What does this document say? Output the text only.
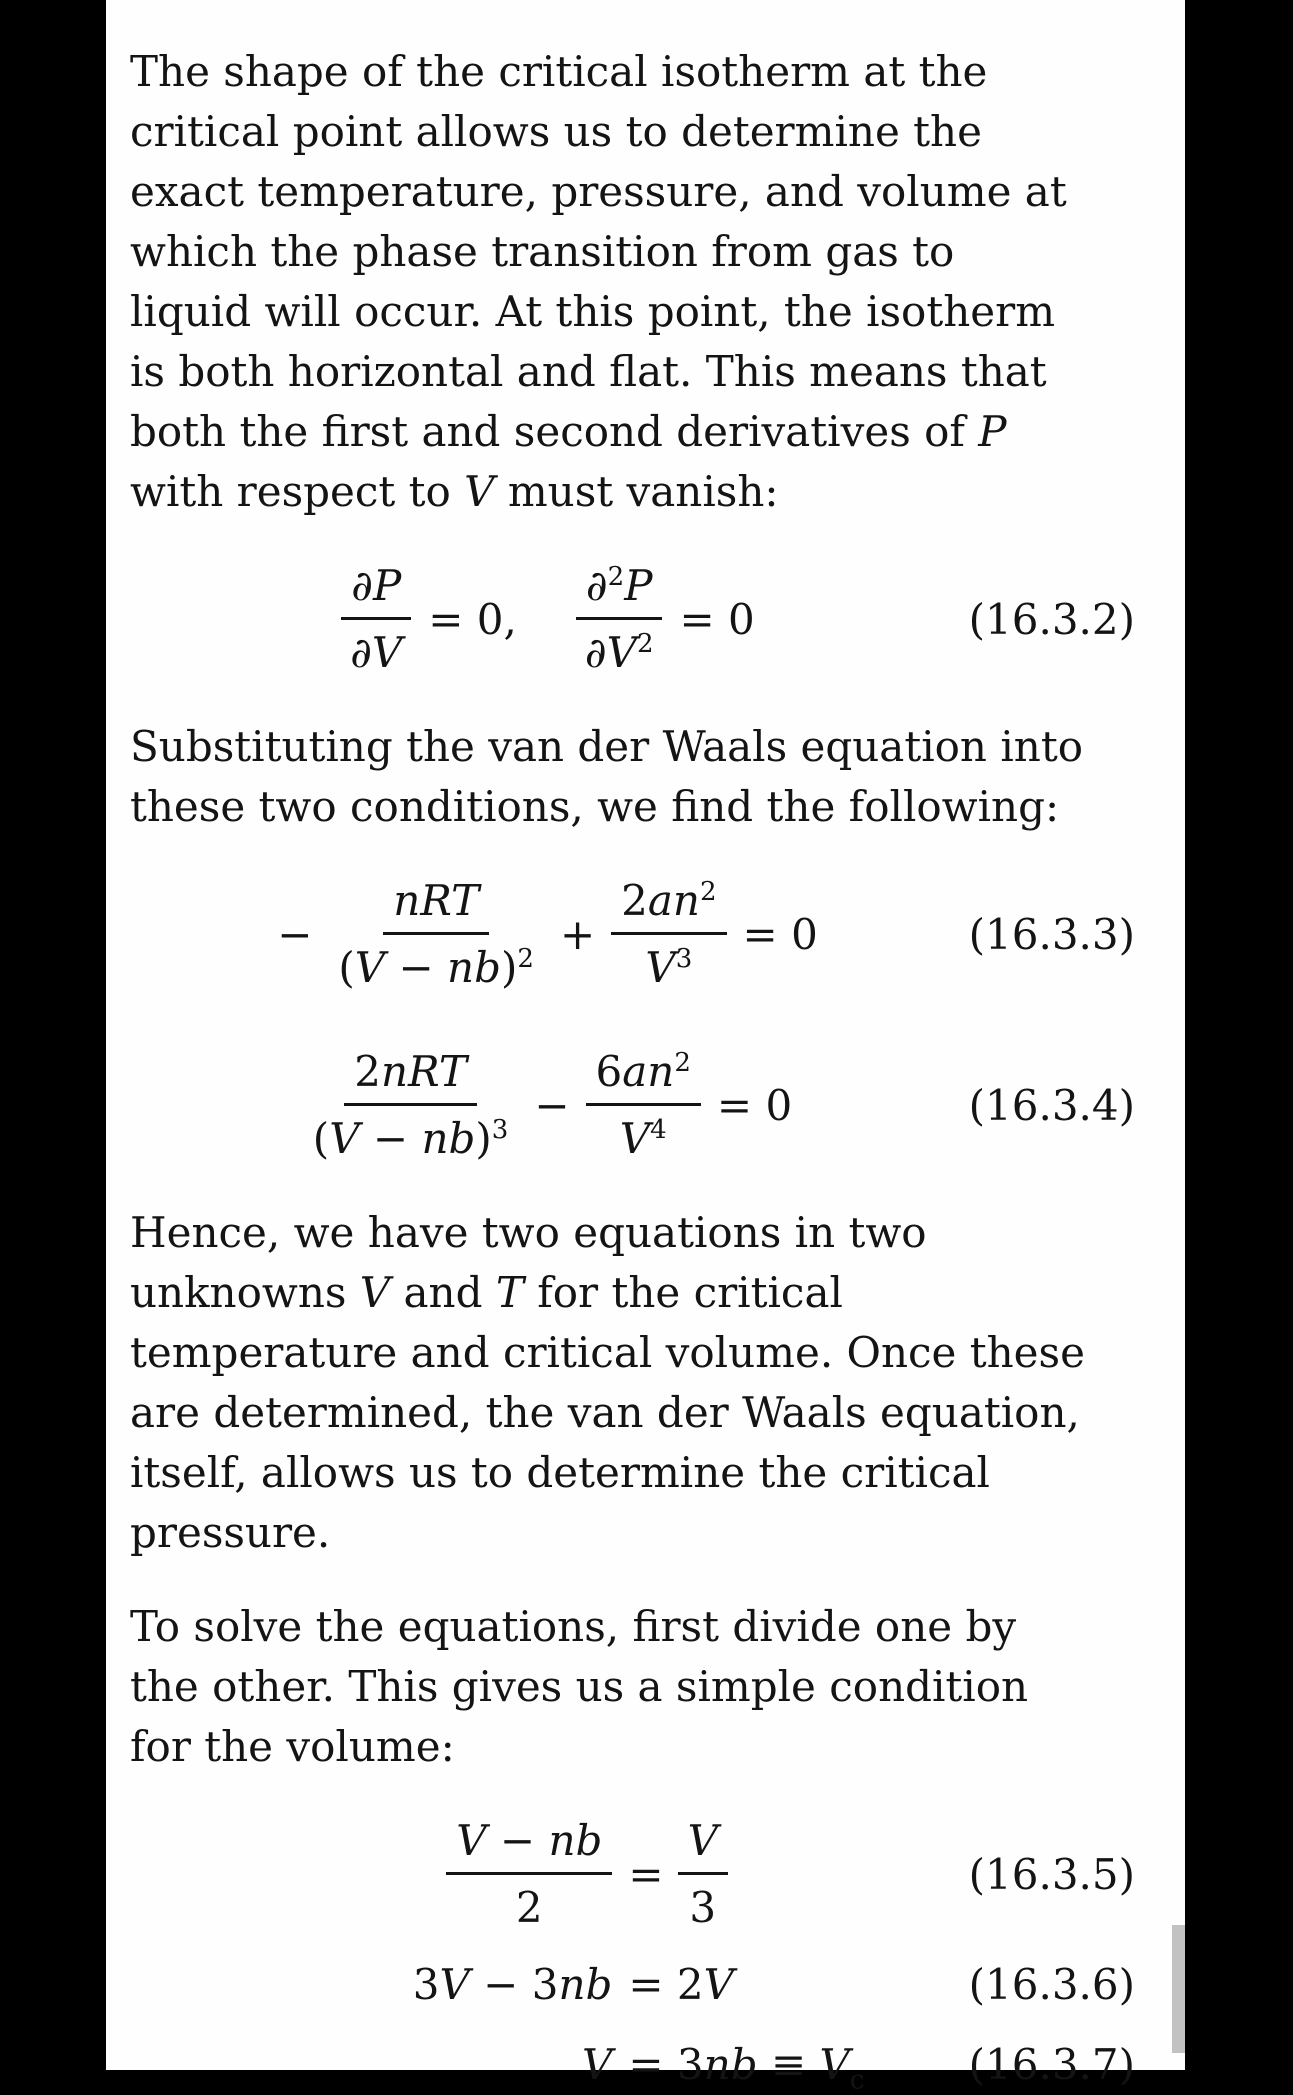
The shape of the critical isotherm at the
critical point allows us to determine the
exact temperature, pressure, and volume at
which the phase transition from gas to
liquid will occur. At this point, the isotherm
is both horizontal and flat. This means that
both the first and second derivatives of P
with respect to V must vanish:
$\frac{\partial P}{\partial V} = 0$,  $\frac{\partial^2P}{\partial V^2} = 0$	(16.3.2)
Substituting the van der Waals equation into
these two conditions, we find the following:
− $\frac{\text{nRT}}{(V - nb)^2} + \frac{2an^2}{V^3} = 0$	(16.3.3)
$\frac{\text{2nRT}}{(V - nb)^3} - \frac{6an^2}{V^4} = 0$	(16.3.4)
Hence, we have two equations in two
unknowns V and T for the critical
temperature and critical volume. Once these
are determined, the van der Waals equation,
itself, allows us to determine the critical
pressure.
To solve the equations, first divide one by
the other. This gives us a simple condition
for the volume:
$\frac{V - nb}{2} = \frac{V}{3}$	(16.3.5)
3V − 3nb = 2V	(16.3.6)
$V = 3nb \equiv V_c$ (16.3.7)
